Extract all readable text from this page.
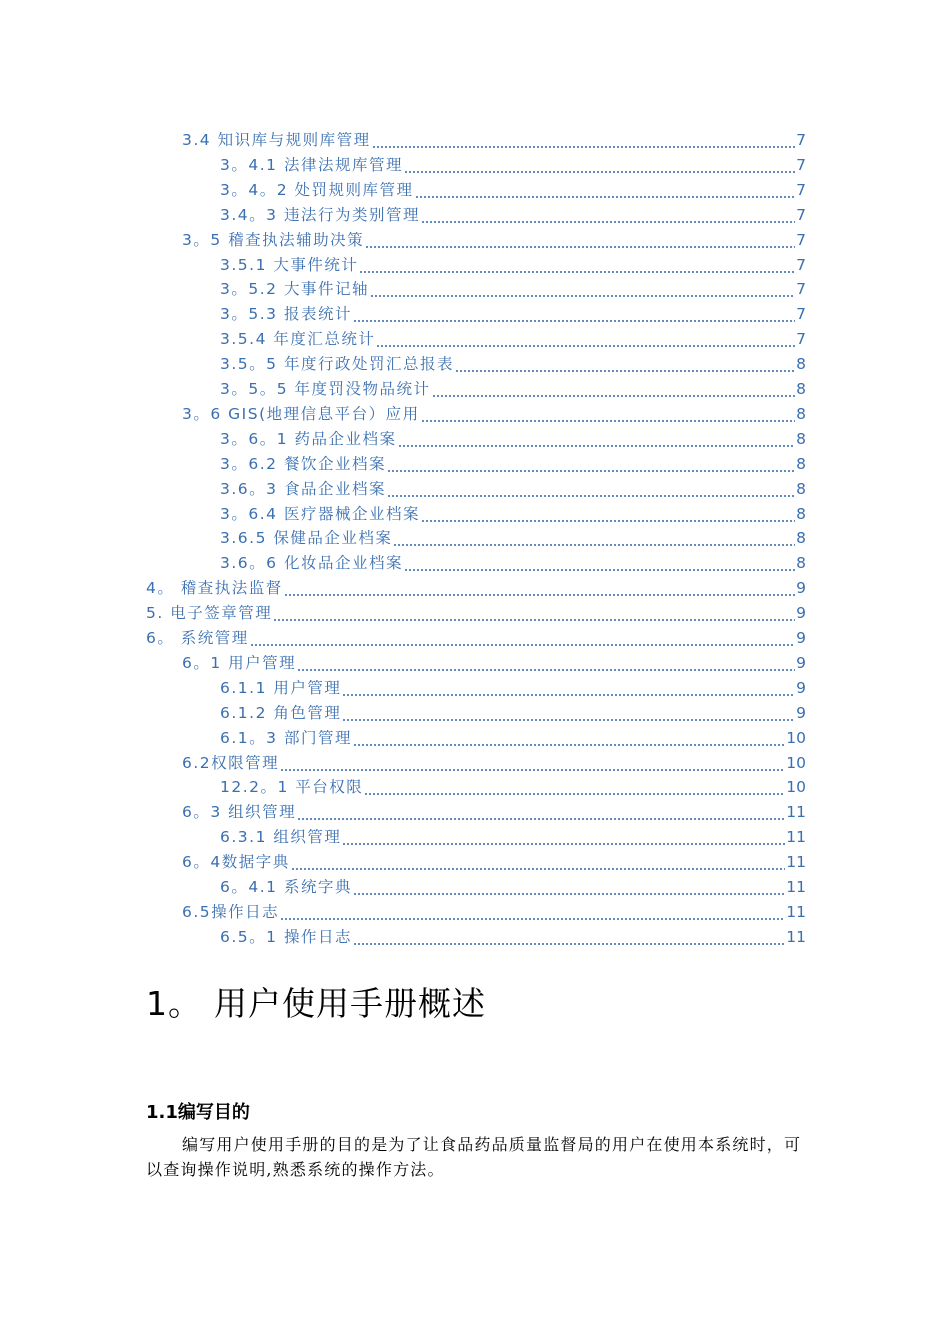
3.4 知识库与规则库管理	7
3。4.1 法律法规库管理	7
3。4。2 处罚规则库管理	7
3.4。3 违法行为类别管理	7
3。5 稽查执法辅助决策	7
3.5.1 大事件统计	7
3。5.2 大事件记轴	7
3。5.3 报表统计	7
3.5.4 年度汇总统计	7
3.5。5 年度行政处罚汇总报表	8
3。5。5 年度罚没物品统计	8
3。6 GIS(地理信息平台）应用	8
3。6。1 药品企业档案	8
3。6.2 餐饮企业档案	8
3.6。3 食品企业档案	8
3。6.4 医疗器械企业档案	8
3.6.5 保健品企业档案	8
3.6。6 化妆品企业档案	8
4。 稽查执法监督	9
5. 电子签章管理	9
6。 系统管理	9
6。1 用户管理	9
6.1.1 用户管理	9
6.1.2 角色管理	9
6.1。3 部门管理	10
6.2权限管理	10
12.2。1 平台权限	10
6。3 组织管理	11
6.3.1 组织管理	11
6。4数据字典	11
6。4.1 系统字典	11
6.5操作日志	11
6.5。1 操作日志	11
1。 用户使用手册概述
1.1编写目的
编写用户使用手册的目的是为了让食品药品质量监督局的用户在使用本系统时，可以查询操作说明,熟悉系统的操作方法。
